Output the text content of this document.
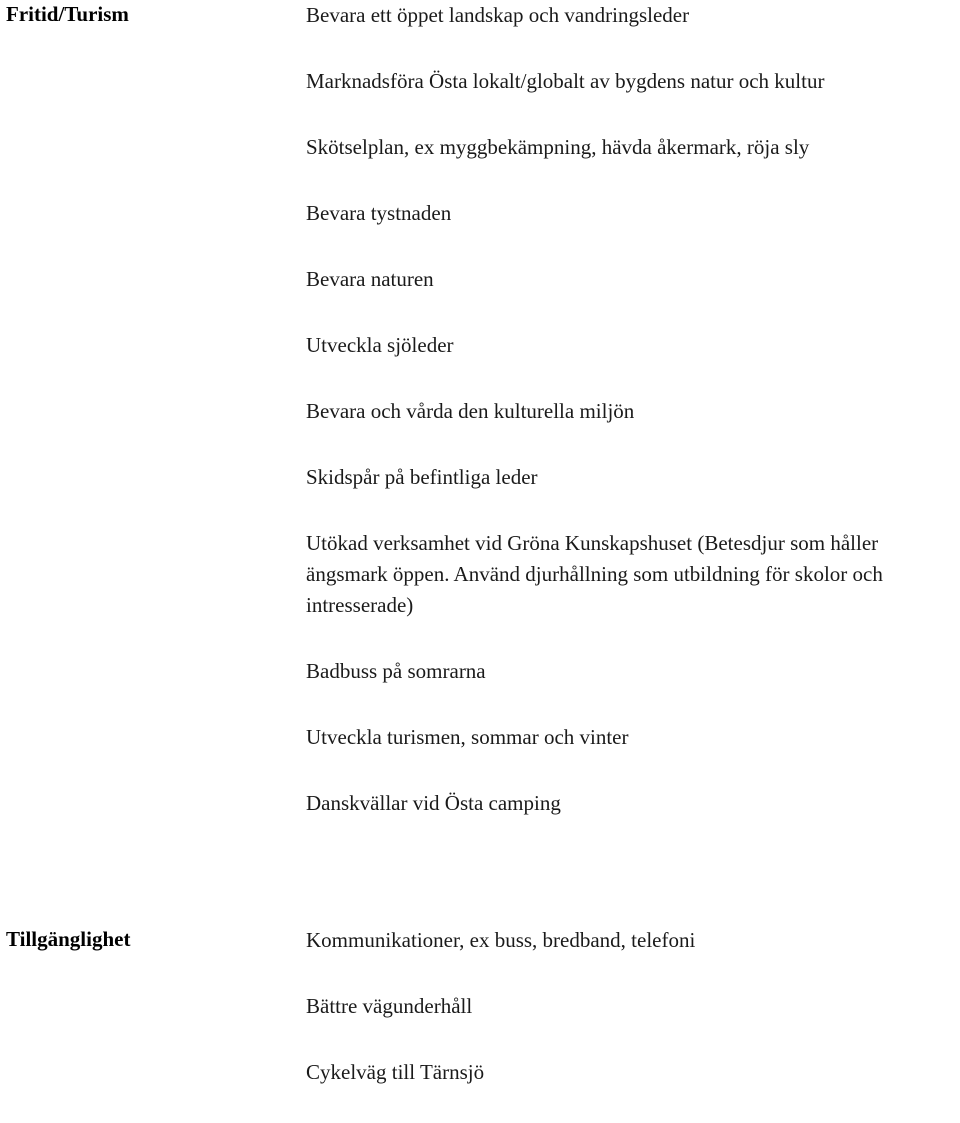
Fritid/Turism	Bevara ett öppet landskap och vandringsleder
Marknadsföra Östa lokalt/globalt av bygdens natur och kultur
Skötselplan, ex myggbekämpning, hävda åkermark, röja sly
Bevara tystnaden
Bevara naturen
Utveckla sjöleder
Bevara och vårda den kulturella miljön
Skidspår på befintliga leder
Utökad verksamhet vid Gröna Kunskapshuset (Betesdjur som håller ängsmark öppen. Använd djurhållning som utbildning för skolor och intresserade)
Badbuss på somrarna
Utveckla turismen, sommar och vinter
Danskvällar vid Östa camping
Tillgänglighet	Kommunikationer, ex buss, bredband, telefoni
Bättre vägunderhåll
Cykelväg till Tärnsjö
